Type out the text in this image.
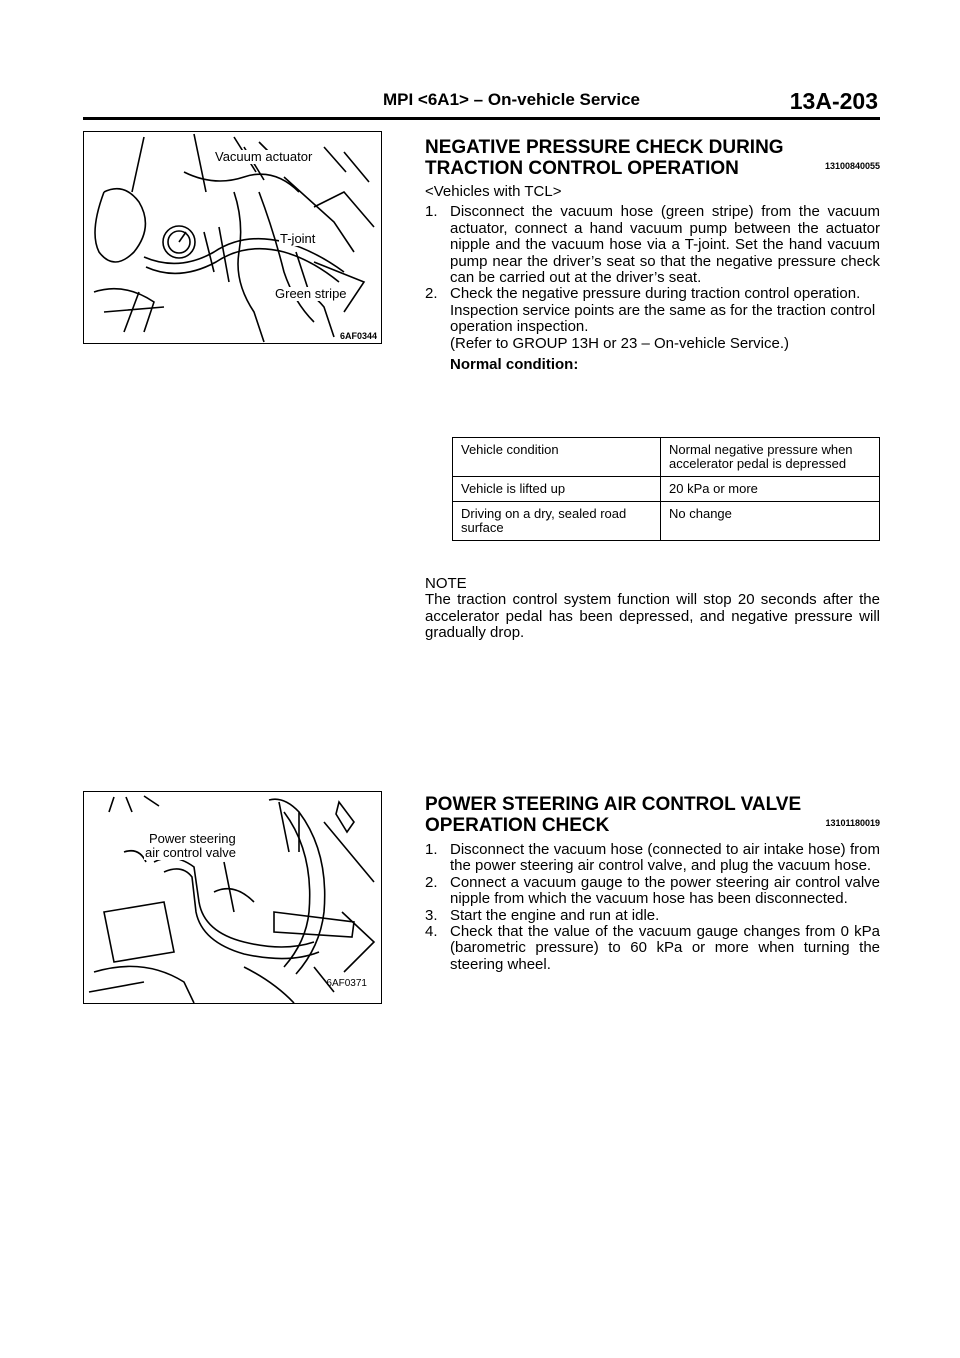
MPI <6A1> – On-vehicle Service	13A-203
Vacuum actuator
T-joint
Green stripe
6AF0344
NEGATIVE PRESSURE CHECK DURING
TRACTION CONTROL OPERATION	13100840055

<Vehicles with TCL>

1. Disconnect the vacuum hose (green stripe) from the vacuum actuator, connect a hand vacuum pump between the actuator nipple and the vacuum hose via a T-joint. Set the hand vacuum pump near the driver’s seat so that the negative pressure check can be carried out at the driver’s seat.
2. Check the negative pressure during traction control operation.

Inspection service points are the same as for the traction control operation inspection.

(Refer to GROUP 13H or 23 – On-vehicle Service.)

Normal condition:

Vehicle condition	Normal negative pressure when accelerator pedal is depressed
Vehicle is lifted up	20 kPa or more
Driving on a dry, sealed road surface	No change

NOTE

The traction control system function will stop 20 seconds after the accelerator pedal has been depressed, and negative pressure will gradually drop.

Power steering
air control valve
6AF0371
POWER STEERING AIR CONTROL VALVE
OPERATION CHECK	13101180019
1. Disconnect the vacuum hose (connected to air intake hose) from the power steering air control valve, and plug the vacuum hose.
2. Connect a vacuum gauge to the power steering air control valve nipple from which the vacuum hose has been disconnected.
3. Start the engine and run at idle.
4. Check that the value of the vacuum gauge changes from 0 kPa (barometric pressure) to 60 kPa or more when turning the steering wheel.
